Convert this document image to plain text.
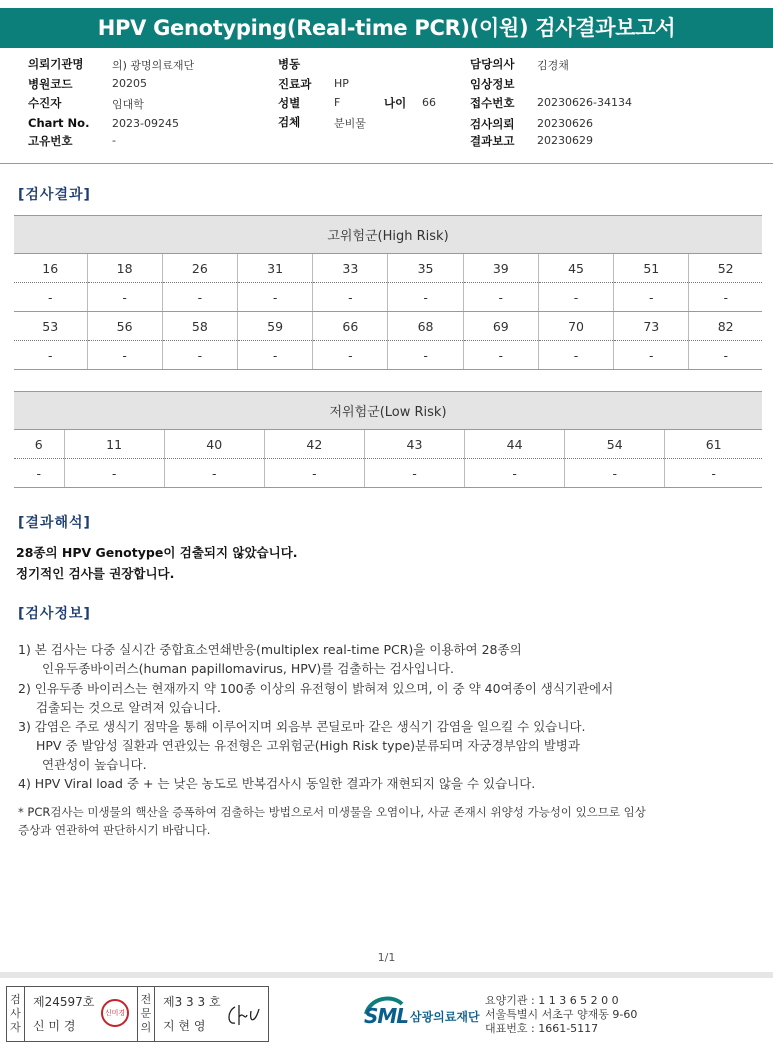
HPV Genotyping(Real-time PCR)(이원) 검사결과보고서
의뢰기관명	의) 광명의료재단
병원코드	20205
수진자	임대학
Chart No. 2023-09245
고유번호	-
병동
진료과 HP
성별	F	나이 66
검체	분비물
담당의사 김경채
임상정보
접수번호 20230626-34134
검사의뢰 20230626
결과보고 20230629
[검사결과]
고위험군(High Risk)									
16	18	26	31	33	35	39	45	51	52
-	-	-	-	-	-	-	-	-	-
53	56	58	59	66	68	69	70	73	82
-	-	-	-	-	-	-	-	-	-
저위험군(Low Risk)							
6	11	40	42	43	44	54	61
-	-	-	-	-	-	-	-
[결과해석]
28종의 HPV Genotype이 검출되지 않았습니다.
정기적인 검사를 권장합니다.
[검사정보]
1) 본 검사는 다중 실시간 중합효소연쇄반응(multiplex real-time PCR)을 이용하여 28종의
인유두종바이러스(human papillomavirus, HPV)를 검출하는 검사입니다.
2) 인유두종 바이러스는 현재까지 약 100종 이상의 유전형이 밝혀져 있으며, 이 중 약 40여종이 생식기관에서
검출되는 것으로 알려져 있습니다.
3) 감염은 주로 생식기 점막을 통해 이루어지며 외음부 콘딜로마 같은 생식기 감염을 일으킬 수 있습니다.
HPV 중 발암성 질환과 연관있는 유전형은 고위험군(High Risk type)분류되며 자궁경부암의 발병과
연관성이 높습니다.
4) HPV Viral load 중 + 는 낮은 농도로 반복검사시 동일한 결과가 재현되지 않을 수 있습니다.
* PCR검사는 미생물의 핵산을 증폭하여 검출하는 방법으로서 미생물을 오염이나, 사균 존재시 위양성 가능성이 있으므로 임상
증상과 연관하여 판단하시기 바랍니다.
1/1
검
사
자
제24597호
신 미 경
신미경
전
문
의
제3 3 3 호
지 현 영	SML 삼광의료재단
요양기관 : 1 1 3 6 5 2 0 0
서울특별시 서초구 양재동 9-60
대표번호 : 1661-5117
